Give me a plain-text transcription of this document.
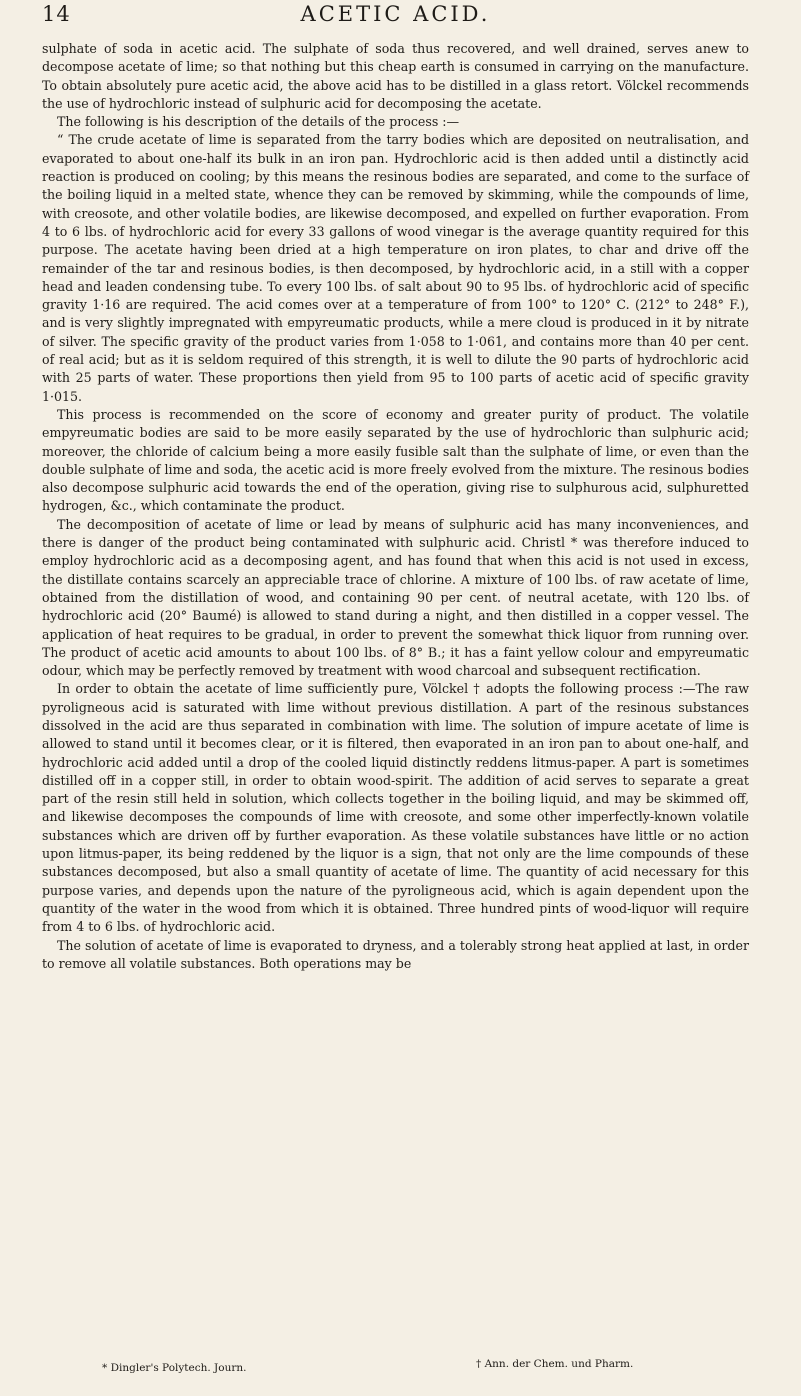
14	ACETIC ACID.

sulphate of soda in acetic acid. The sulphate of soda thus recovered, and well drained, serves anew to decompose acetate of lime; so that nothing but this cheap earth is consumed in carrying on the manufacture. To obtain absolutely pure acetic acid, the above acid has to be distilled in a glass retort. Völckel recommends the use of hydrochloric instead of sulphuric acid for decomposing the acetate.

The following is his description of the details of the process :—

“ The crude acetate of lime is separated from the tarry bodies which are deposited on neutralisation, and evaporated to about one-half its bulk in an iron pan. Hydrochloric acid is then added until a distinctly acid reaction is produced on cooling; by this means the resinous bodies are separated, and come to the surface of the boiling liquid in a melted state, whence they can be removed by skimming, while the compounds of lime, with creosote, and other volatile bodies, are likewise decomposed, and expelled on further evaporation. From 4 to 6 lbs. of hydrochloric acid for every 33 gallons of wood vinegar is the average quantity required for this purpose. The acetate having been dried at a high temperature on iron plates, to char and drive off the remainder of the tar and resinous bodies, is then decomposed, by hydrochloric acid, in a still with a copper head and leaden condensing tube. To every 100 lbs. of salt about 90 to 95 lbs. of hydrochloric acid of specific gravity 1·16 are required. The acid comes over at a temperature of from 100° to 120° C. (212° to 248° F.), and is very slightly impregnated with empyreumatic products, while a mere cloud is produced in it by nitrate of silver. The specific gravity of the product varies from 1·058 to 1·061, and contains more than 40 per cent. of real acid; but as it is seldom required of this strength, it is well to dilute the 90 parts of hydrochloric acid with 25 parts of water. These proportions then yield from 95 to 100 parts of acetic acid of specific gravity 1·015.

This process is recommended on the score of economy and greater purity of product. The volatile empyreumatic bodies are said to be more easily separated by the use of hydrochloric than sulphuric acid; moreover, the chloride of calcium being a more easily fusible salt than the sulphate of lime, or even than the double sulphate of lime and soda, the acetic acid is more freely evolved from the mixture. The resinous bodies also decompose sulphuric acid towards the end of the operation, giving rise to sulphurous acid, sulphuretted hydrogen, &c., which contaminate the product.

The decomposition of acetate of lime or lead by means of sulphuric acid has many inconveniences, and there is danger of the product being contaminated with sulphuric acid. Christl * was therefore induced to employ hydrochloric acid as a decomposing agent, and has found that when this acid is not used in excess, the distillate contains scarcely an appreciable trace of chlorine. A mixture of 100 lbs. of raw acetate of lime, obtained from the distillation of wood, and containing 90 per cent. of neutral acetate, with 120 lbs. of hydrochloric acid (20° Baumé) is allowed to stand during a night, and then distilled in a copper vessel. The application of heat requires to be gradual, in order to prevent the somewhat thick liquor from running over. The product of acetic acid amounts to about 100 lbs. of 8° B.; it has a faint yellow colour and empyreumatic odour, which may be perfectly removed by treatment with wood charcoal and subsequent rectification.

In order to obtain the acetate of lime sufficiently pure, Völckel † adopts the following process :—The raw pyroligneous acid is saturated with lime without previous distillation. A part of the resinous substances dissolved in the acid are thus separated in combination with lime. The solution of impure acetate of lime is allowed to stand until it becomes clear, or it is filtered, then evaporated in an iron pan to about one-half, and hydrochloric acid added until a drop of the cooled liquid distinctly reddens litmus-paper. A part is sometimes distilled off in a copper still, in order to obtain wood-spirit. The addition of acid serves to separate a great part of the resin still held in solution, which collects together in the boiling liquid, and may be skimmed off, and likewise decomposes the compounds of lime with creosote, and some other imperfectly-known volatile substances which are driven off by further evaporation. As these volatile substances have little or no action upon litmus-paper, its being reddened by the liquor is a sign, that not only are the lime compounds of these substances decomposed, but also a small quantity of acetate of lime. The quantity of acid necessary for this purpose varies, and depends upon the nature of the pyroligneous acid, which is again dependent upon the quantity of the water in the wood from which it is obtained. Three hundred pints of wood-liquor will require from 4 to 6 lbs. of hydrochloric acid.

The solution of acetate of lime is evaporated to dryness, and a tolerably strong heat applied at last, in order to remove all volatile substances. Both operations may be

* Dingler's Polytech. Journ.	† Ann. der Chem. und Pharm.
